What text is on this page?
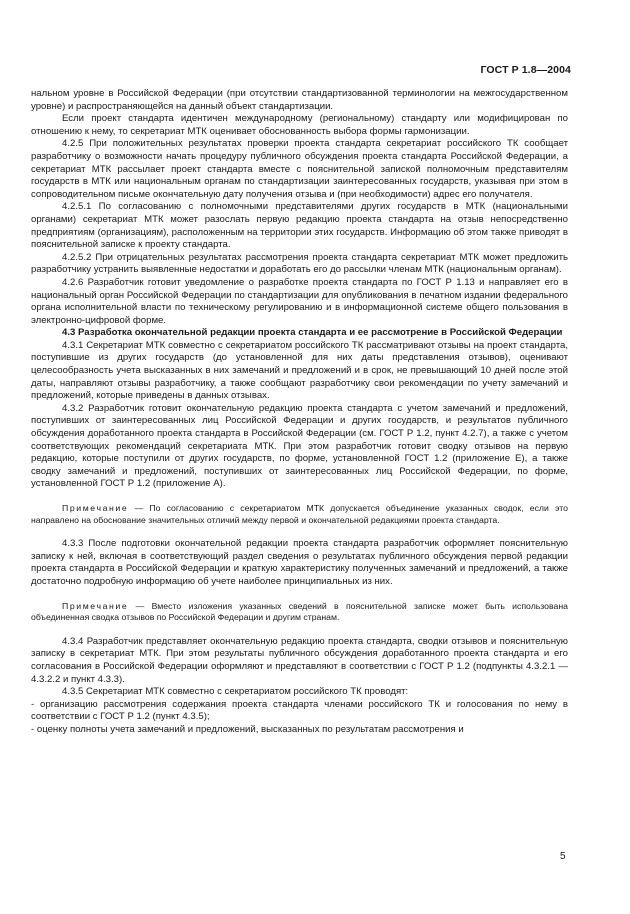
ГОСТ Р 1.8—2004

нальном уровне в Российской Федерации (при отсутствии стандартизованной терминологии на межгосударственном уровне) и распространяющейся на данный объект стандартизации.

Если проект стандарта идентичен международному (региональному) стандарту или модифицирован по отношению к нему, то секретариат МТК оценивает обоснованность выбора формы гармонизации.

4.2.5 При положительных результатах проверки проекта стандарта секретариат российского ТК сообщает разработчику о возможности начать процедуру публичного обсуждения проекта стандарта Российской Федерации, а секретариат МТК рассылает проект стандарта вместе с пояснительной запиской полномочным представителям государств в МТК или национальным органам по стандартизации заинтересованных государств, указывая при этом в сопроводительном письме окончательную дату получения отзыва и (при необходимости) адрес его получателя.

4.2.5.1 По согласованию с полномочными представителями других государств в МТК (национальными органами) секретариат МТК может разослать первую редакцию проекта стандарта на отзыв непосредственно предприятиям (организациям), расположенным на территории этих государств. Информацию об этом также приводят в пояснительной записке к проекту стандарта.

4.2.5.2 При отрицательных результатах рассмотрения проекта стандарта секретариат МТК может предложить разработчику устранить выявленные недостатки и доработать его до рассылки членам МТК (национальным органам).

4.2.6 Разработчик готовит уведомление о разработке проекта стандарта по ГОСТ Р 1.13 и направляет его в национальный орган Российской Федерации по стандартизации для опубликования в печатном издании федерального органа исполнительной власти по техническому регулированию и в информационной системе общего пользования в электронно-цифровой форме.

4.3 Разработка окончательной редакции проекта стандарта и ее рассмотрение в Российской Федерации

4.3.1 Секретариат МТК совместно с секретариатом российского ТК рассматривают отзывы на проект стандарта, поступившие из других государств (до установленной для них даты представления отзывов), оценивают целесообразность учета высказанных в них замечаний и предложений и в срок, не превышающий 10 дней после этой даты, направляют отзывы разработчику, а также сообщают разработчику свои рекомендации по учету замечаний и предложений, которые приведены в данных отзывах.

4.3.2 Разработчик готовит окончательную редакцию проекта стандарта с учетом замечаний и предложений, поступивших от заинтересованных лиц Российской Федерации и других государств, и результатов публичного обсуждения доработанного проекта стандарта в Российской Федерации (см. ГОСТ Р 1.2, пункт 4.2.7), а также с учетом соответствующих рекомендаций секретариата МТК. При этом разработчик готовит сводку отзывов на первую редакцию, которые поступили от других государств, по форме, установленной ГОСТ 1.2 (приложение Е), а также сводку замечаний и предложений, поступивших от заинтересованных лиц Российской Федерации, по форме, установленной ГОСТ Р 1.2 (приложение А).

Примечание — По согласованию с секретариатом МТК допускается объединение указанных сводок, если это направлено на обоснование значительных отличий между первой и окончательной редакциями проекта стандарта.

4.3.3 После подготовки окончательной редакции проекта стандарта разработчик оформляет пояснительную записку к ней, включая в соответствующий раздел сведения о результатах публичного обсуждения первой редакции проекта стандарта в Российской Федерации и краткую характеристику полученных замечаний и предложений, а также достаточно подробную информацию об учете наиболее принципиальных из них.

Примечание — Вместо изложения указанных сведений в пояснительной записке может быть использована объединенная сводка отзывов по Российской Федерации и другим странам.

4.3.4 Разработчик представляет окончательную редакцию проекта стандарта, сводки отзывов и пояснительную записку в секретариат МТК. При этом результаты публичного обсуждения доработанного проекта стандарта и его согласования в Российской Федерации оформляют и представляют в соответствии с ГОСТ Р 1.2 (подпункты 4.3.2.1 — 4.3.2.2 и пункт 4.3.3).

4.3.5 Секретариат МТК совместно с секретариатом российского ТК проводят:

- организацию рассмотрения содержания проекта стандарта членами российского ТК и голосования по нему в соответствии с ГОСТ Р 1.2 (пункт 4.3.5);

- оценку полноты учета замечаний и предложений, высказанных по результатам рассмотрения и

5
